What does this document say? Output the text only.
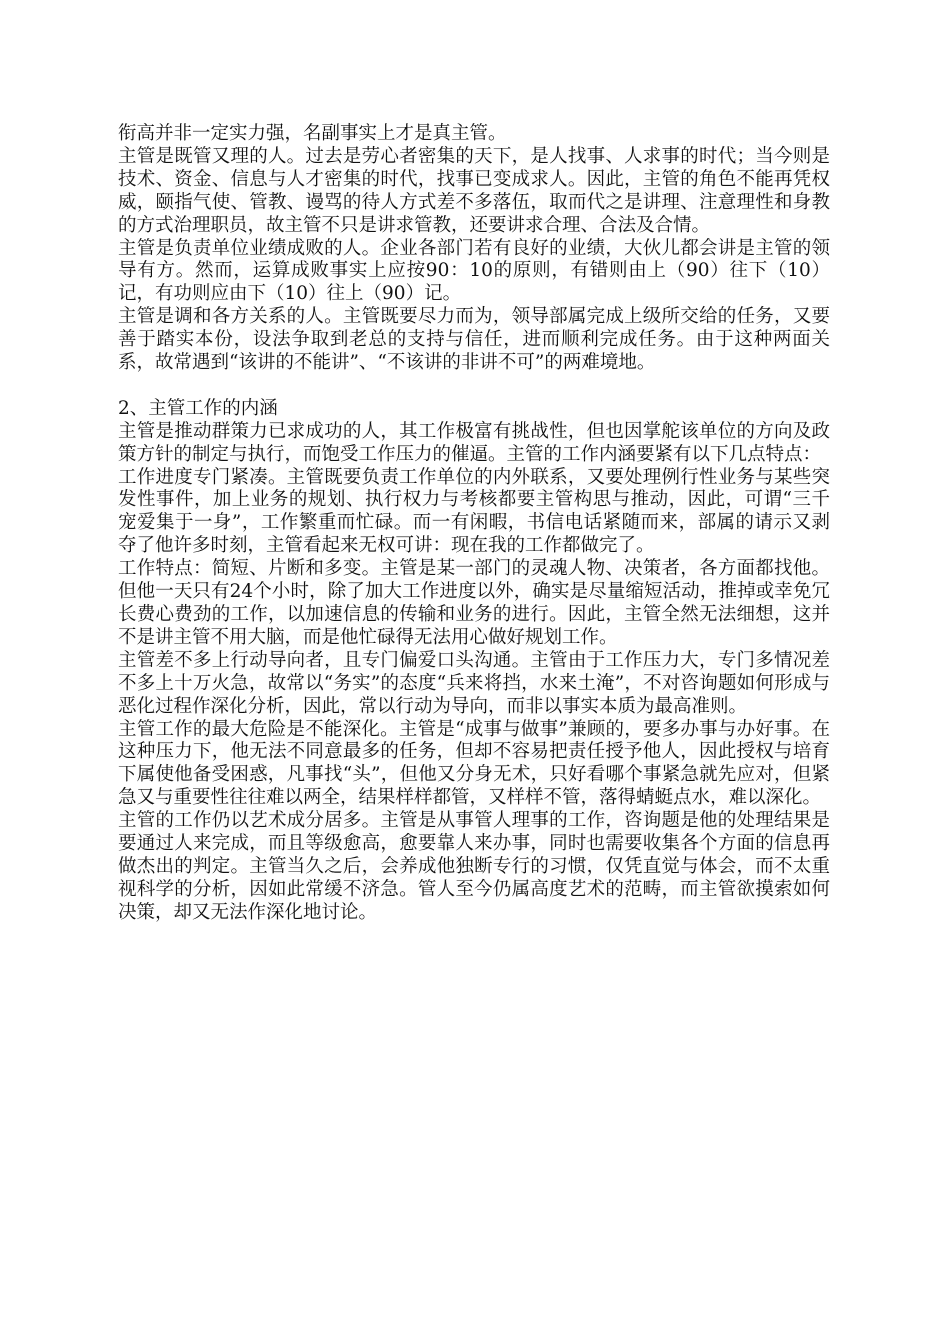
衔高并非一定实力强，名副事实上才是真主管。

主管是既管又理的人。过去是劳心者密集的天下，是人找事、人求事的时代；当今则是技术、资金、信息与人才密集的时代，找事已变成求人。因此，主管的角色不能再凭权威，颐指气使、管教、谩骂的待人方式差不多落伍，取而代之是讲理、注意理性和身教的方式治理职员，故主管不只是讲求管教，还要讲求合理、合法及合情。

主管是负责单位业绩成败的人。企业各部门若有良好的业绩，大伙儿都会讲是主管的领导有方。然而，运算成败事实上应按90：10的原则，有错则由上（90）往下（10）记，有功则应由下（10）往上（90）记。

主管是调和各方关系的人。主管既要尽力而为，领导部属完成上级所交给的任务，又要善于踏实本份，设法争取到老总的支持与信任，进而顺利完成任务。由于这种两面关系，故常遇到“该讲的不能讲”、“不该讲的非讲不可”的两难境地。

2、主管工作的内涵

主管是推动群策力已求成功的人，其工作极富有挑战性，但也因掌舵该单位的方向及政策方针的制定与执行，而饱受工作压力的催逼。主管的工作内涵要紧有以下几点特点：

工作进度专门紧凑。主管既要负责工作单位的内外联系，又要处理例行性业务与某些突发性事件，加上业务的规划、执行权力与考核都要主管构思与推动，因此，可谓“三千宠爱集于一身”，工作繁重而忙碌。而一有闲暇，书信电话紧随而来，部属的请示又剥夺了他许多时刻，主管看起来无权可讲：现在我的工作都做完了。

工作特点：简短、片断和多变。主管是某一部门的灵魂人物、决策者，各方面都找他。但他一天只有24个小时，除了加大工作进度以外，确实是尽量缩短活动，推掉或幸免冗长费心费劲的工作，以加速信息的传输和业务的进行。因此，主管全然无法细想，这并不是讲主管不用大脑，而是他忙碌得无法用心做好规划工作。

主管差不多上行动导向者，且专门偏爱口头沟通。主管由于工作压力大，专门多情况差不多上十万火急，故常以“务实”的态度“兵来将挡，水来土淹”，不对咨询题如何形成与恶化过程作深化分析，因此，常以行动为导向，而非以事实本质为最高准则。

主管工作的最大危险是不能深化。主管是“成事与做事”兼顾的，要多办事与办好事。在这种压力下，他无法不同意最多的任务，但却不容易把责任授予他人，因此授权与培育下属使他备受困惑，凡事找“头”，但他又分身无术，只好看哪个事紧急就先应对，但紧急又与重要性往往难以两全，结果样样都管，又样样不管，落得蜻蜓点水，难以深化。

主管的工作仍以艺术成分居多。主管是从事管人理事的工作，咨询题是他的处理结果是要通过人来完成，而且等级愈高，愈要靠人来办事，同时也需要收集各个方面的信息再做杰出的判定。主管当久之后，会养成他独断专行的习惯，仅凭直觉与体会，而不太重视科学的分析，因如此常缓不济急。管人至今仍属高度艺术的范畴，而主管欲摸索如何决策，却又无法作深化地讨论。
